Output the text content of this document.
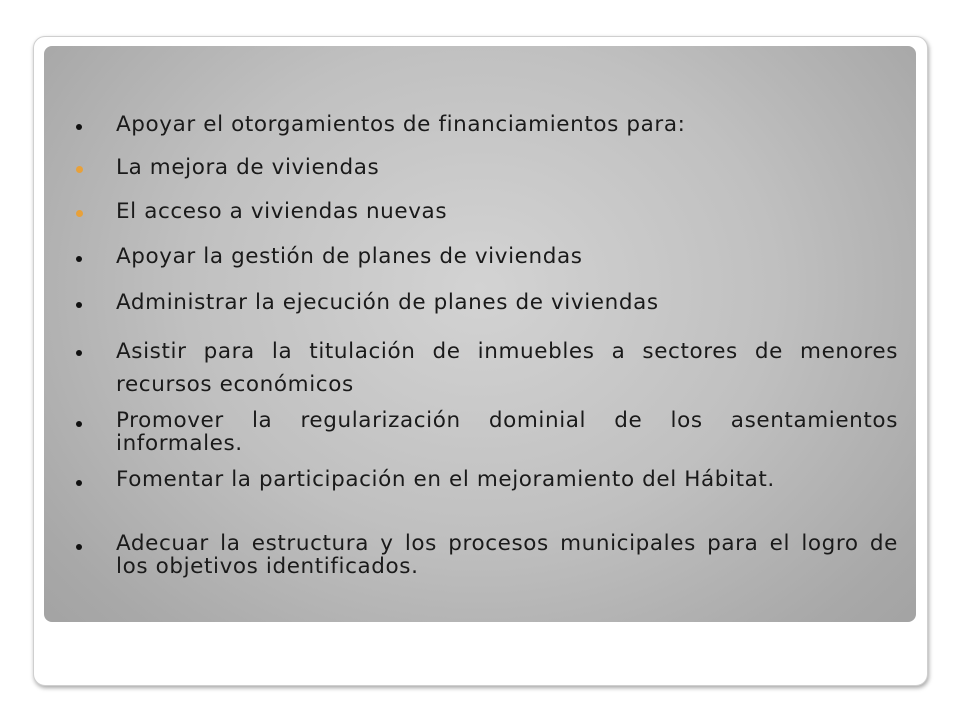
Apoyar el otorgamientos de financiamientos para:
La mejora de viviendas
El acceso a viviendas nuevas
Apoyar la gestión de planes de viviendas
Administrar la ejecución de planes de viviendas
Asistir para la titulación de inmuebles a sectores de menores recursos económicos
Promover la regularización dominial de los asentamientos informales.
Fomentar la participación en el mejoramiento del Hábitat.
Adecuar la estructura y los procesos municipales para el logro de los objetivos identificados.
